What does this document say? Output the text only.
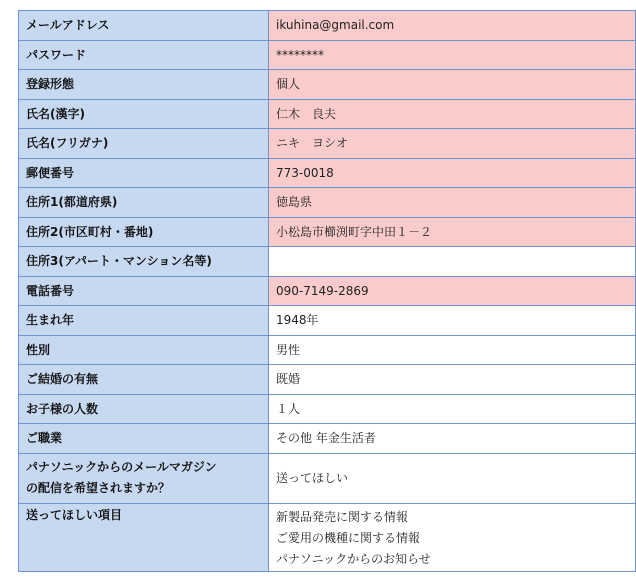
メールアドレス	ikuhina@gmail.com
パスワード	********
登録形態	個人
氏名(漢字)	仁木　良夫
氏名(フリガナ)	ニキ　ヨシオ
郵便番号	773-0018
住所1(都道府県)	徳島県
住所2(市区町村・番地)	小松島市櫛渕町字中田１－２
住所3(アパート・マンション名等)	
電話番号	090-7149-2869
生まれ年	1948年
性別	男性
ご結婚の有無	既婚
お子様の人数	１人
ご職業	その他 年金生活者

パナソニックからのメールマガジン
の配信を希望されますか？	送ってほしい
送ってほしい項目	新製品発売に関する情報
ご愛用の機種に関する情報
パナソニックからのお知らせ
